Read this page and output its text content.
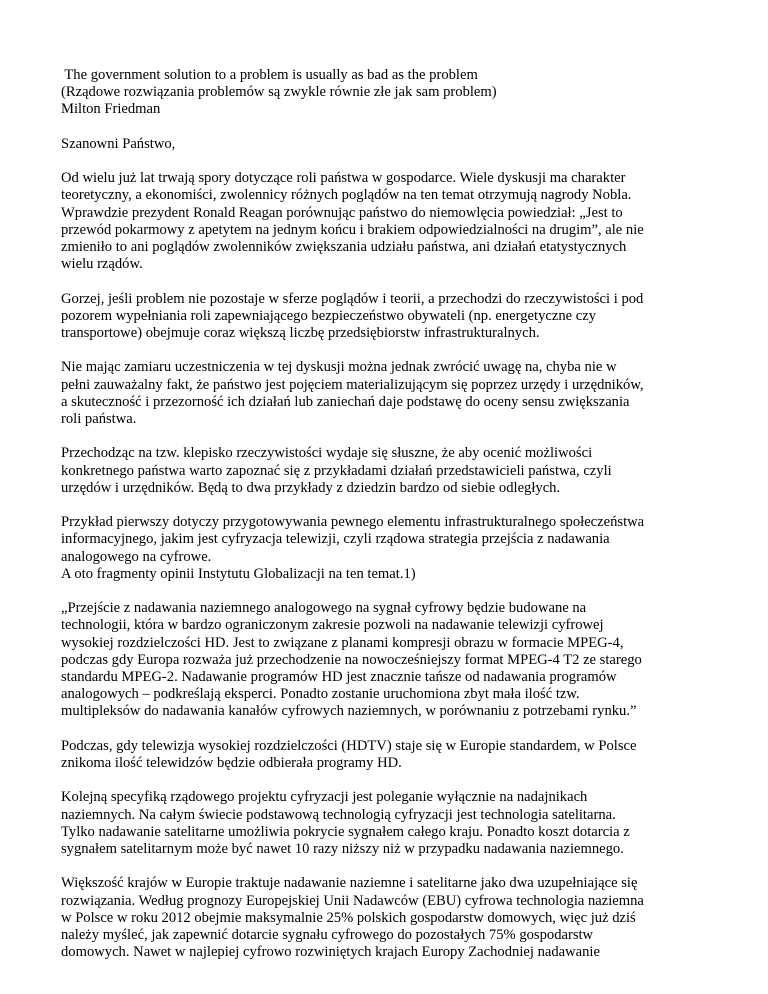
The government solution to a problem is usually as bad as the problem
(Rządowe rozwiązania problemów są zwykle równie złe jak sam problem)
Milton Friedman
Szanowni Państwo,
Od wielu już lat trwają spory dotyczące roli państwa w gospodarce. Wiele dyskusji ma charakter
teoretyczny, a ekonomiści, zwolennicy różnych poglądów na ten temat otrzymują nagrody Nobla.
Wprawdzie prezydent Ronald Reagan porównując państwo do niemowlęcia powiedział: „Jest to
przewód pokarmowy z apetytem na jednym końcu i brakiem odpowiedzialności na drugim”, ale nie
zmieniło to ani poglądów zwolenników zwiększania udziału państwa, ani działań etatystycznych
wielu rządów.
Gorzej, jeśli problem nie pozostaje w sferze poglądów i teorii, a przechodzi do rzeczywistości i pod
pozorem wypełniania roli zapewniającego bezpieczeństwo obywateli (np. energetyczne czy
transportowe) obejmuje coraz większą liczbę przedsiębiorstw infrastrukturalnych.
Nie mając zamiaru uczestniczenia w tej dyskusji można jednak zwrócić uwagę na, chyba nie w
pełni zauważalny fakt, że państwo jest pojęciem materializującym się poprzez urzędy i urzędników,
a skuteczność i przezorność ich działań lub zaniechań daje podstawę do oceny sensu zwiększania
roli państwa.
Przechodząc na tzw. klepisko rzeczywistości wydaje się słuszne, że aby ocenić możliwości
konkretnego państwa warto zapoznać się z przykładami działań przedstawicieli państwa, czyli
urzędów i urzędników. Będą to dwa przykłady z dziedzin bardzo od siebie odległych.
Przykład pierwszy dotyczy przygotowywania pewnego elementu infrastrukturalnego społeczeństwa
informacyjnego, jakim jest cyfryzacja telewizji, czyli rządowa strategia przejścia z nadawania
analogowego na cyfrowe.
A oto fragmenty opinii Instytutu Globalizacji na ten temat.1)
„Przejście z nadawania naziemnego analogowego na sygnał cyfrowy będzie budowane na
technologii, która w bardzo ograniczonym zakresie pozwoli na nadawanie telewizji cyfrowej
wysokiej rozdzielczości HD. Jest to związane z planami kompresji obrazu w formacie MPEG-4,
podczas gdy Europa rozważa już przechodzenie na nowocześniejszy format MPEG-4 T2 ze starego
standardu MPEG-2. Nadawanie programów HD jest znacznie tańsze od nadawania programów
analogowych – podkreślają eksperci. Ponadto zostanie uruchomiona zbyt mała ilość tzw.
multipleksów do nadawania kanałów cyfrowych naziemnych, w porównaniu z potrzebami rynku.”
Podczas, gdy telewizja wysokiej rozdzielczości (HDTV) staje się w Europie standardem, w Polsce
znikoma ilość telewidzów będzie odbierała programy HD.
Kolejną specyfiką rządowego projektu cyfryzacji jest poleganie wyłącznie na nadajnikach
naziemnych. Na całym świecie podstawową technologią cyfryzacji jest technologia satelitarna.
Tylko nadawanie satelitarne umożliwia pokrycie sygnałem całego kraju. Ponadto koszt dotarcia z
sygnałem satelitarnym może być nawet 10 razy niższy niż w przypadku nadawania naziemnego.
Większość krajów w Europie traktuje nadawanie naziemne i satelitarne jako dwa uzupełniające się
rozwiązania. Według prognozy Europejskiej Unii Nadawców (EBU) cyfrowa technologia naziemna
w Polsce w roku 2012 obejmie maksymalnie 25% polskich gospodarstw domowych, więc już dziś
należy myśleć, jak zapewnić dotarcie sygnału cyfrowego do pozostałych 75% gospodarstw
domowych. Nawet w najlepiej cyfrowo rozwiniętych krajach Europy Zachodniej nadawanie
